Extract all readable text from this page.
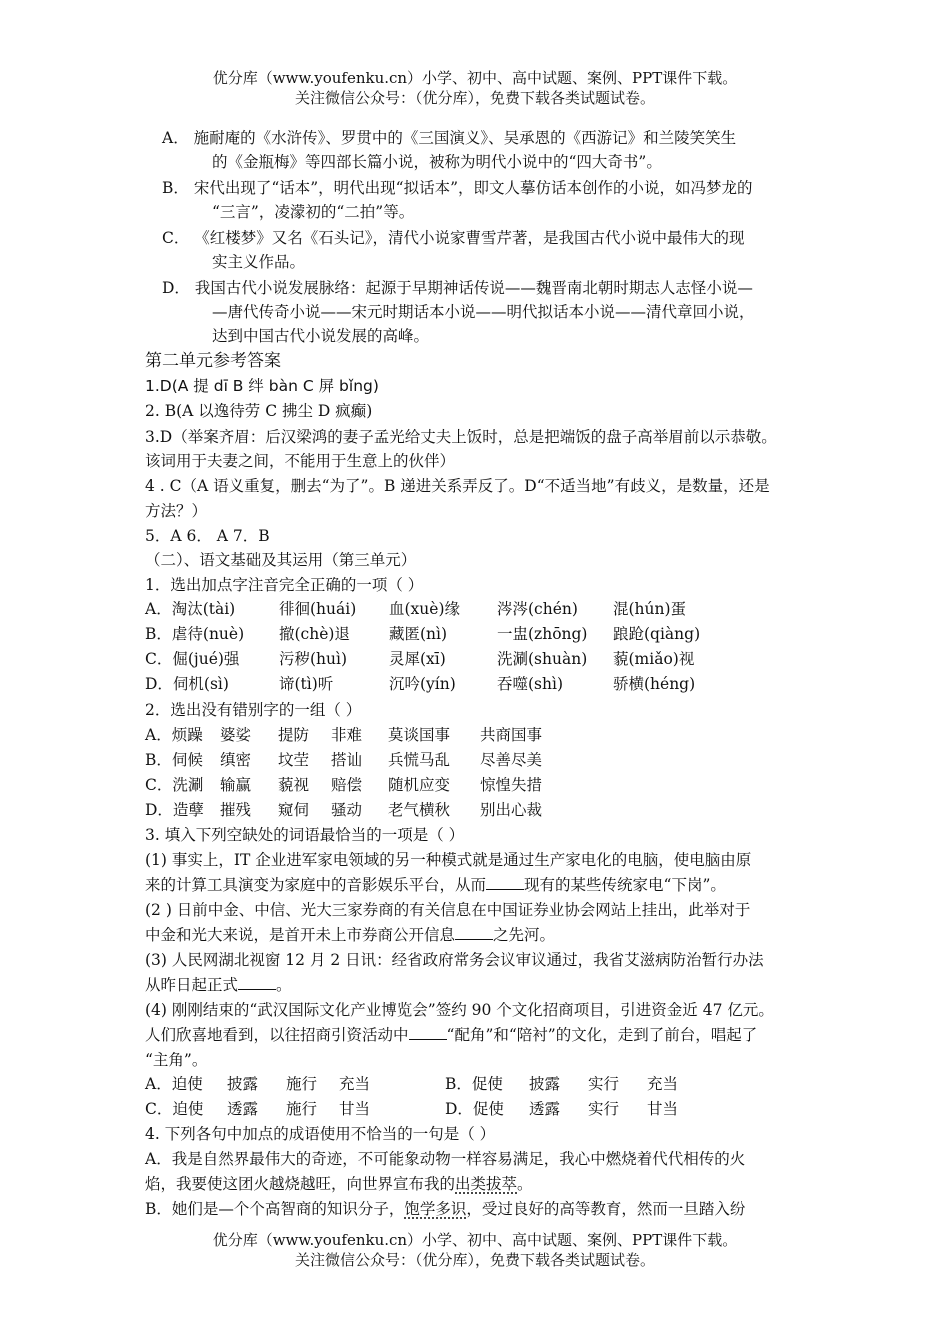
优分库（www.youfenku.cn）小学、初中、高中试题、案例、PPT课件下载。
关注微信公众号：（优分库），免费下载各类试题试卷。
A． 施耐庵的《水浒传》、罗贯中的《三国演义》、吴承恩的《西游记》和兰陵笑笑生
的《金瓶梅》等四部长篇小说，被称为明代小说中的“四大奇书”。
B． 宋代出现了“话本”，明代出现“拟话本”，即文人摹仿话本创作的小说，如冯梦龙的
“三言”，凌濛初的“二拍”等。
C． 《红楼梦》又名《石头记》，清代小说家曹雪芹著，是我国古代小说中最伟大的现
实主义作品。
D． 我国古代小说发展脉络：起源于早期神话传说——魏晋南北朝时期志人志怪小说—
—唐代传奇小说——宋元时期话本小说——明代拟话本小说——清代章回小说，
达到中国古代小说发展的高峰。
第二单元参考答案
1.D(A 提 dī B 绊 bàn C 屏 bǐng)
2. B(A 以逸待劳 C 拂尘 D 疯癫)
3.D（举案齐眉：后汉梁鸿的妻子孟光给丈夫上饭时，总是把端饭的盘子高举眉前以示恭敬。
该词用于夫妻之间，不能用于生意上的伙伴）
4 . C（A 语义重复，删去“为了”。B 递进关系弄反了。D“不适当地”有歧义，是数量，还是
方法？）
5．A 6． A 7．B
（二）、语文基础及其运用（第三单元）
1．选出加点字注音完全正确的一项（ ）
A．淘汰(tài)	徘徊(huái) 血(xuè)缘 涔涔(chén) 混(hún)蛋
B．虐待(nuè) 撤(chè)退	藏匿(nì)	一盅(zhōng) 踉跄(qiàng)
C．倔(jué)强	污秽(huì)	灵犀(xī)	洗涮(shuàn) 藐(miǎo)视
D．伺机(sì)	谛(tì)听	沉吟(yín)	吞噬(shì)	骄横(héng)
2．选出没有错别字的一组（ ）
A．烦躁 婆娑 提防 非难 莫谈国事 共商国事
B．伺候 缜密 坟茔 搭讪 兵慌马乱 尽善尽美
C．洗涮 输赢 藐视 赔偿 随机应变 惊惶失措
D．造孽 摧残 窥伺 骚动 老气横秋 别出心裁
3. 填入下列空缺处的词语最恰当的一项是（ ）
(1) 事实上，IT 企业进军家电领域的另一种模式就是通过生产家电化的电脑，使电脑由原
来的计算工具演变为家庭中的音影娱乐平台，从而 现有的某些传统家电“下岗”。
(2 ) 日前中金、中信、光大三家券商的有关信息在中国证券业协会网站上挂出，此举对于
中金和光大来说，是首开未上市券商公开信息 之先河。
(3) 人民网湖北视窗 12 月 2 日讯：经省政府常务会议审议通过，我省艾滋病防治暂行办法
从昨日起正式 。
(4) 刚刚结束的“武汉国际文化产业博览会”签约 90 个文化招商项目，引进资金近 47 亿元。
人们欣喜地看到，以往招商引资活动中 “配角”和“陪衬”的文化，走到了前台，唱起了
“主角”。
A．迫使 披露 施行 充当	B．促使 披露 实行 充当
C．迫使 透露 施行 甘当	D．促使 透露 实行 甘当
4. 下列各句中加点的成语使用不恰当的一句是（ ）
A．我是自然界最伟大的奇迹，不可能象动物一样容易满足，我心中燃烧着代代相传的火
焰，我要使这团火越烧越旺，向世界宣布我的出类拔萃。
B．她们是—个个高智商的知识分子，饱学多识，受过良好的高等教育，然而一旦踏入纷
优分库（www.youfenku.cn）小学、初中、高中试题、案例、PPT课件下载。
关注微信公众号：（优分库），免费下载各类试题试卷。
